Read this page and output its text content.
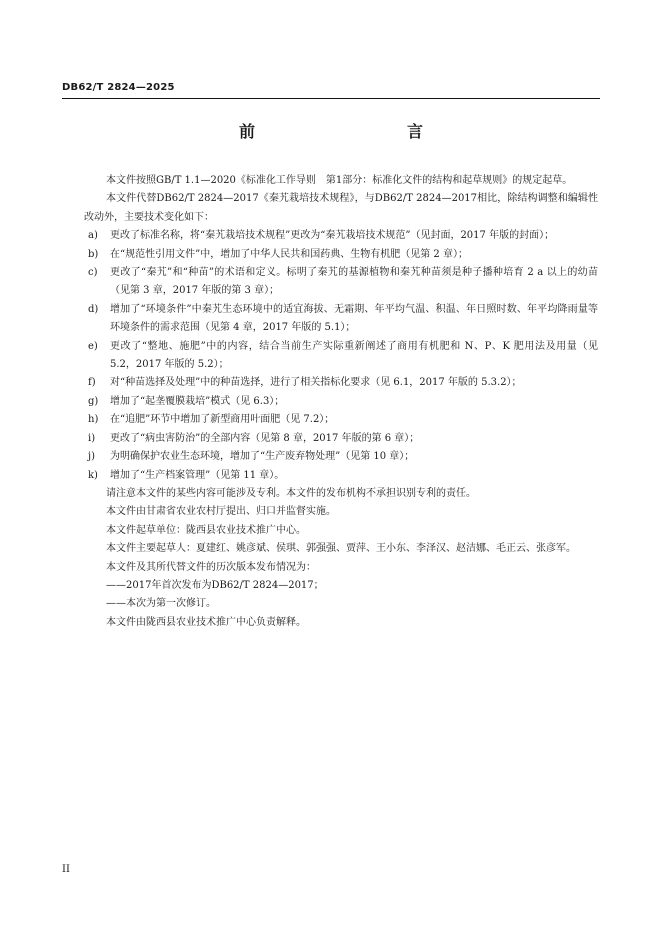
DB62/T 2824—2025
前　　言

本文件按照GB/T 1.1—2020《标准化工作导则　第1部分：标准化文件的结构和起草规则》的规定起草。

本文件代替DB62/T 2824—2017《秦艽栽培技术规程》，与DB62/T 2824—2017相比，除结构调整和编辑性改动外，主要技术变化如下：

a) 更改了标准名称，将“秦艽栽培技术规程”更改为“秦艽栽培技术规范”（见封面，2017 年版的封面）；
b) 在“规范性引用文件”中，增加了中华人民共和国药典、生物有机肥（见第 2 章）；
c) 更改了“秦艽”和“种苗”的术语和定义。标明了秦艽的基源植物和秦艽种苗须是种子播种培育 2 a 以上的幼苗（见第 3 章，2017 年版的第 3 章）；
d) 增加了“环境条件”中秦艽生态环境中的适宜海拔、无霜期、年平均气温、积温、年日照时数、年平均降雨量等环境条件的需求范围（见第 4 章，2017 年版的 5.1）；
e) 更改了“整地、施肥”中的内容，结合当前生产实际重新阐述了商用有机肥和 N、P、K 肥用法及用量（见 5.2，2017 年版的 5.2）；
f) 对“种苗选择及处理”中的种苗选择，进行了相关指标化要求（见 6.1，2017 年版的 5.3.2）；
g) 增加了“起垄覆膜栽培”模式（见 6.3）；
h) 在“追肥”环节中增加了新型商用叶面肥（见 7.2）；
i) 更改了“病虫害防治”的全部内容（见第 8 章，2017 年版的第 6 章）；
j) 为明确保护农业生态环境，增加了“生产废弃物处理”（见第 10 章）；
k) 增加了“生产档案管理”（见第 11 章）。

请注意本文件的某些内容可能涉及专利。本文件的发布机构不承担识别专利的责任。

本文件由甘肃省农业农村厅提出、归口并监督实施。

本文件起草单位：陇西县农业技术推广中心。

本文件主要起草人：夏建红、姚彦斌、侯琪、郭强强、贾萍、王小东、李泽汉、赵洁娜、毛正云、张彦军。

本文件及其所代替文件的历次版本发布情况为：

——2017年首次发布为DB62/T 2824—2017；

——本次为第一次修订。

本文件由陇西县农业技术推广中心负责解释。

II
